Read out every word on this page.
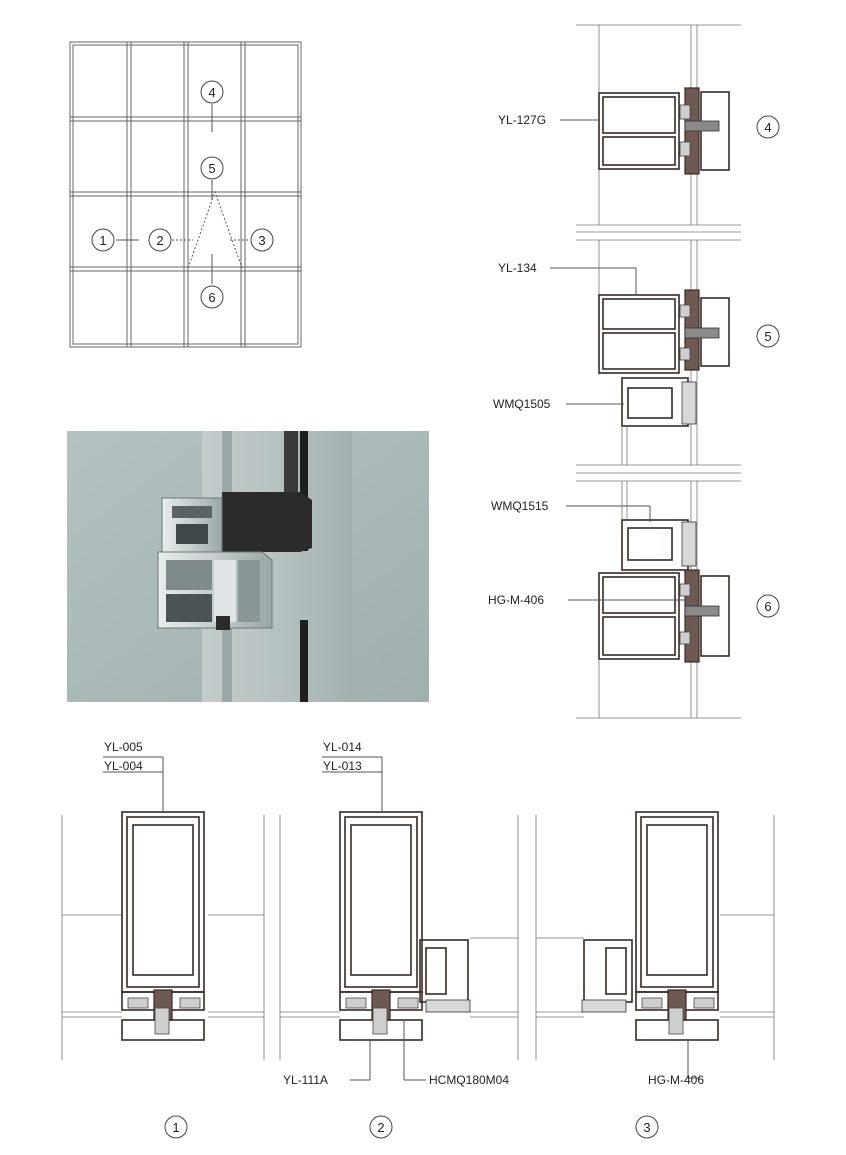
4
5
1	2	3
6
YL-127G	4
YL-134
WMQ1505
5
WMQ1515
HG-M-406	6
YL-005
YL-004
1
YL-014
YL-013
YL-111A	HCMQ180M04
2
HG-M-406
3
